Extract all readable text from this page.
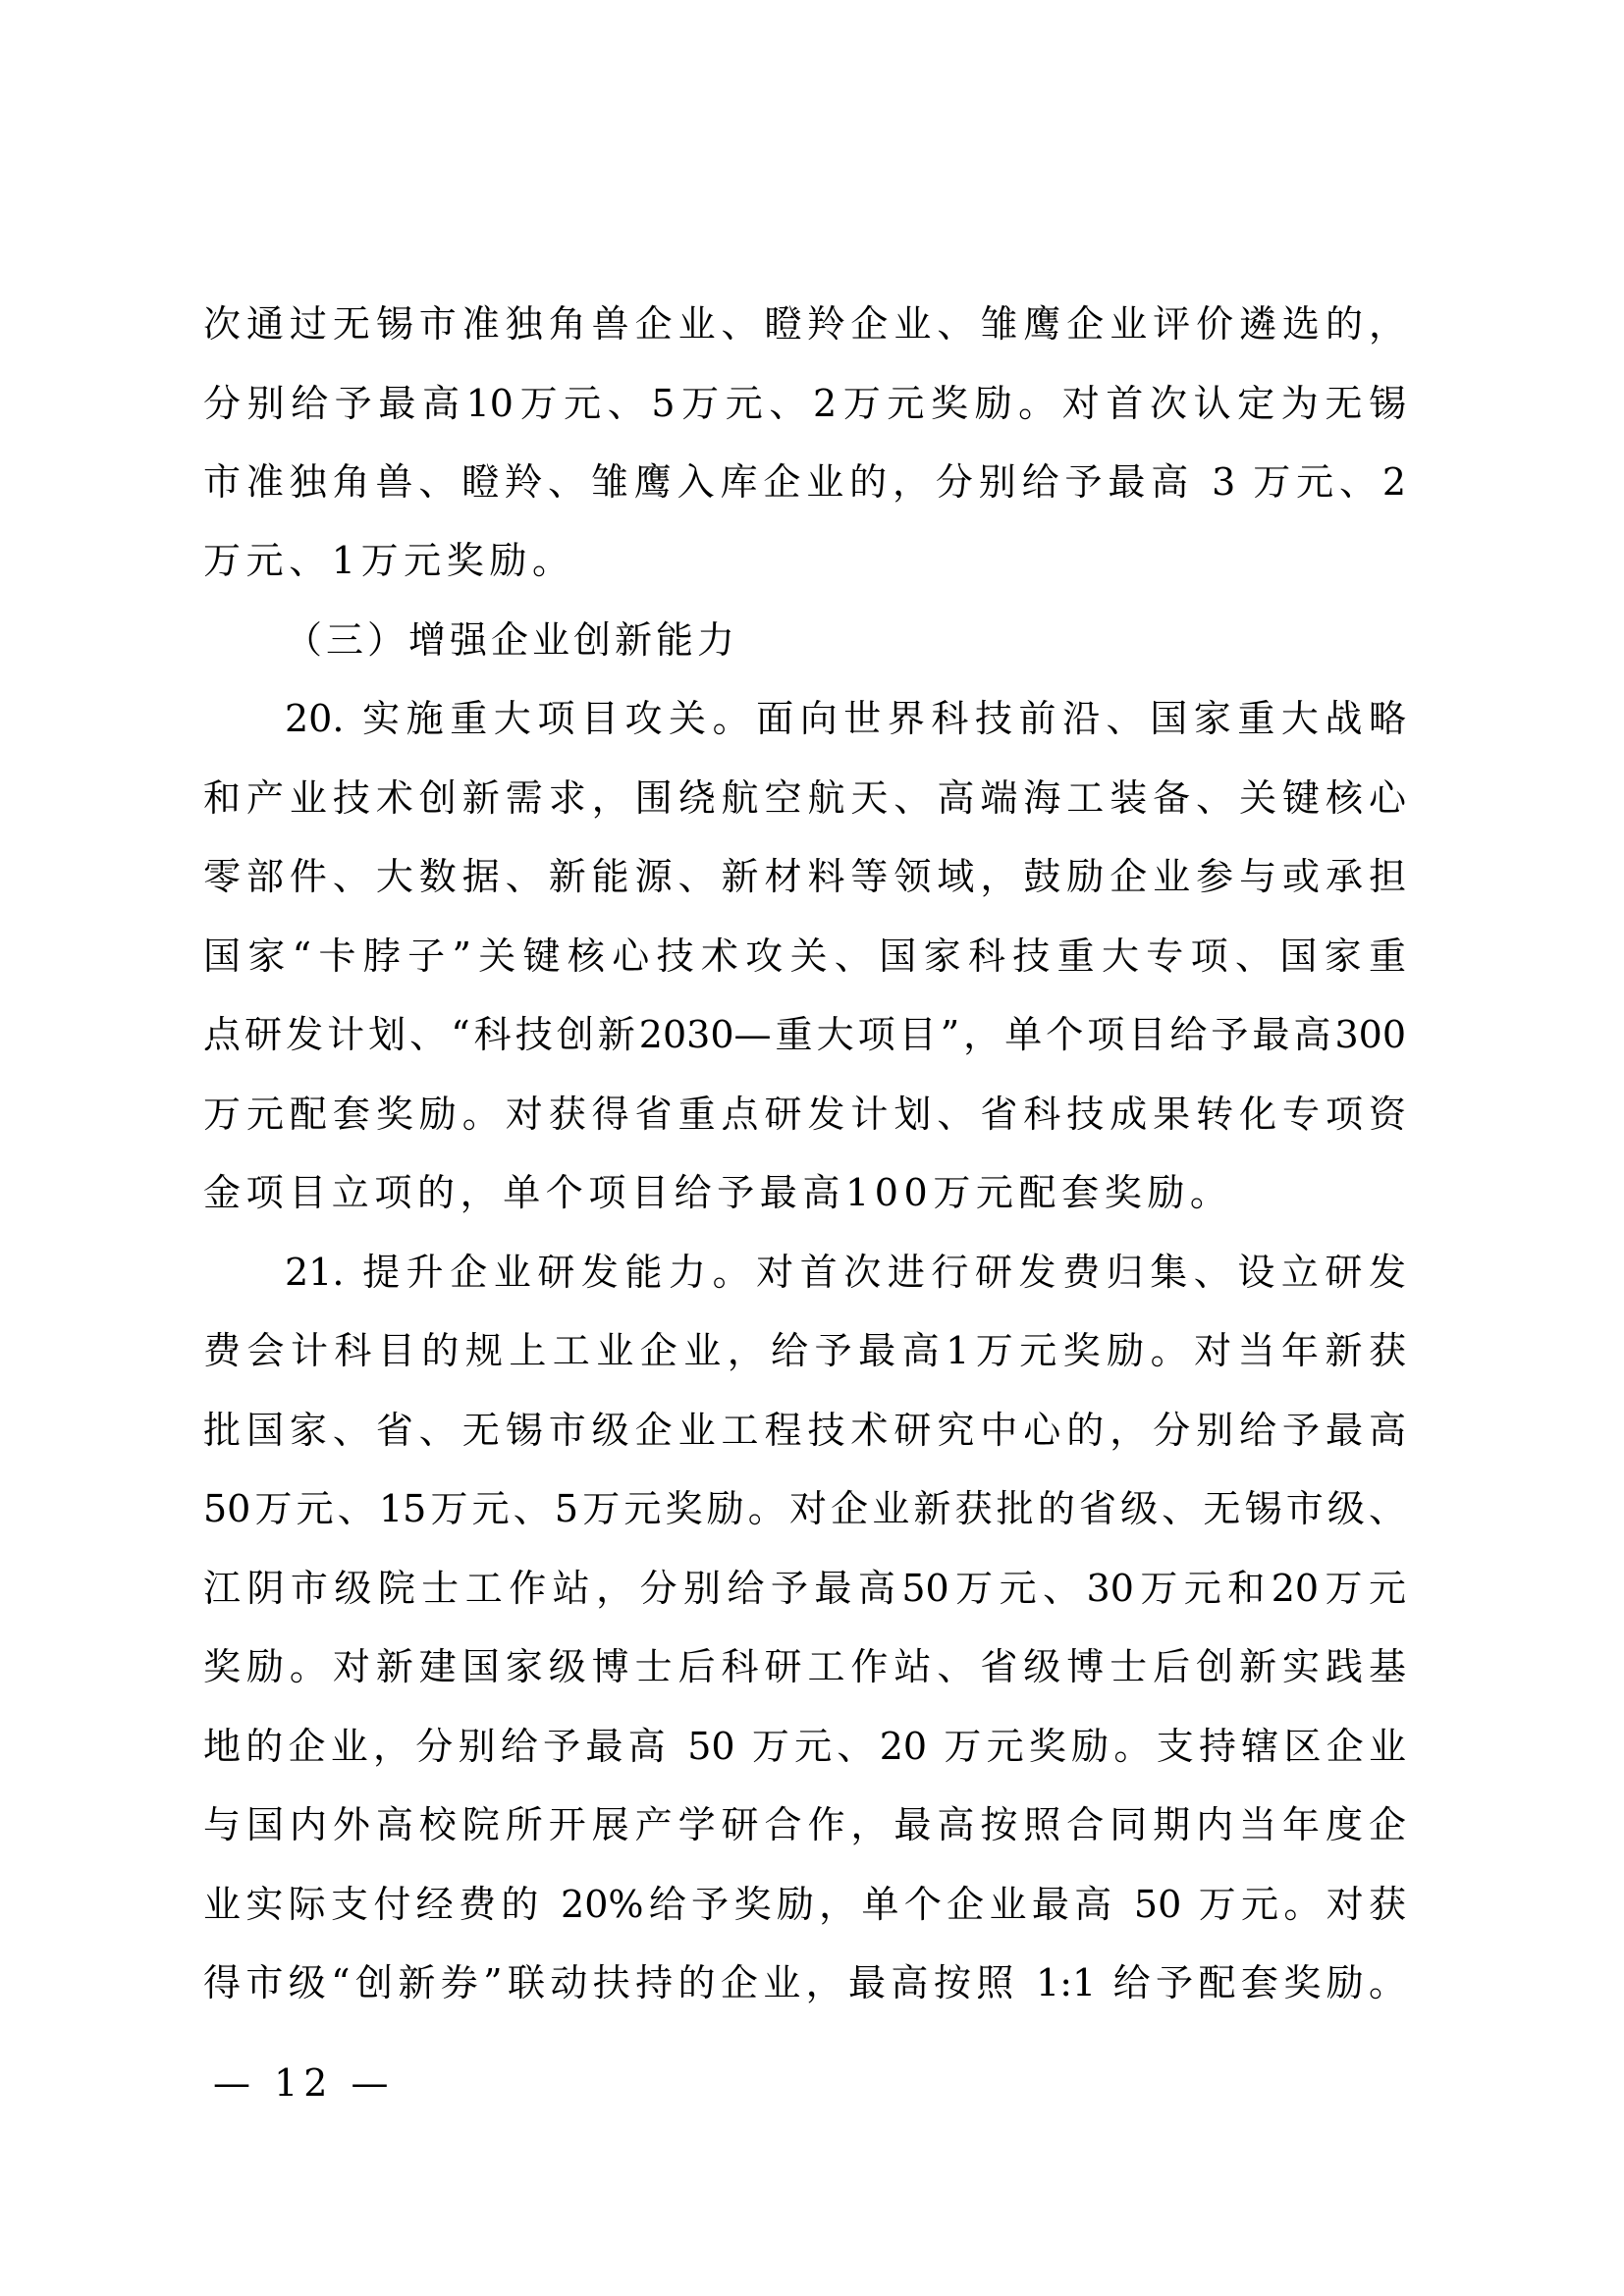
次通过无锡市准独角兽企业、瞪羚企业、雏鹰企业评价遴选的，
分别给予最高10万元、5万元、2万元奖励。对首次认定为无锡
市准独角兽、瞪羚、雏鹰入库企业的，分别给予最高 3 万元、2
万元、1万元奖励。
（三）增强企业创新能力
20. 实施重大项目攻关。面向世界科技前沿、国家重大战略
和产业技术创新需求，围绕航空航天、高端海工装备、关键核心
零部件、大数据、新能源、新材料等领域，鼓励企业参与或承担
国家“卡脖子”关键核心技术攻关、国家科技重大专项、国家重
点研发计划、“科技创新2030—重大项目”，单个项目给予最高300
万元配套奖励。对获得省重点研发计划、省科技成果转化专项资
金项目立项的，单个项目给予最高100万元配套奖励。
21. 提升企业研发能力。对首次进行研发费归集、设立研发
费会计科目的规上工业企业，给予最高1万元奖励。对当年新获
批国家、省、无锡市级企业工程技术研究中心的，分别给予最高
50万元、15万元、5万元奖励。对企业新获批的省级、无锡市级、
江阴市级院士工作站，分别给予最高50万元、30万元和20万元
奖励。对新建国家级博士后科研工作站、省级博士后创新实践基
地的企业，分别给予最高 50 万元、20 万元奖励。支持辖区企业
与国内外高校院所开展产学研合作，最高按照合同期内当年度企
业实际支付经费的 20%给予奖励，单个企业最高 50 万元。对获
得市级“创新券”联动扶持的企业，最高按照 1:1 给予配套奖励。
— 12 —
